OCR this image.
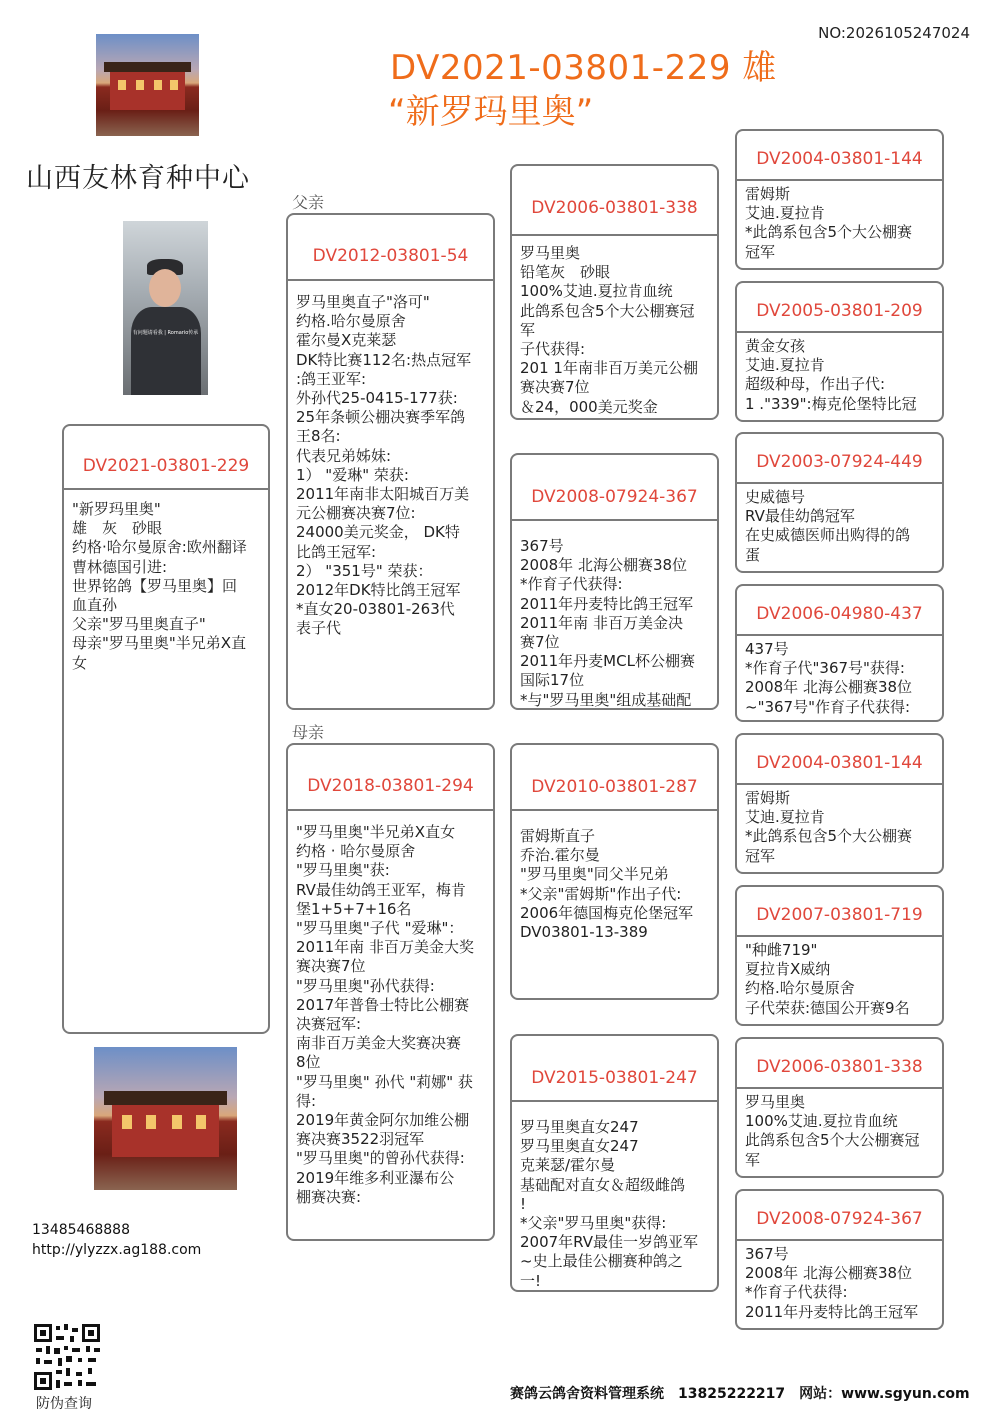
NO:2026105247024
DV2021-03801-229 雄
“新罗玛里奥”
山西友林育种中心
有问题请看我 | Romario传承
父亲
母亲
DV2021-03801-229
"新罗玛里奥"
雄　灰　砂眼
约格·哈尔曼原舍:欧州翻译
曹林德国引进:
世界铭鸽【罗马里奥】回
血直孙
父亲"罗马里奥直子"
母亲"罗马里奥"半兄弟X直
女
DV2012-03801-54
罗马里奥直子"洛可"
约格.哈尔曼原舍
霍尔曼X克莱瑟
DK特比赛112名:热点冠军
:鸽王亚军:
外孙代25-0415-177获:
25年条顿公棚决赛季军鸽
王8名:
代表兄弟姊妹:
1） "爱琳" 荣获:
2011年南非太阳城百万美
元公棚赛决赛7位:
24000美元奖金， DK特
比鸽王冠军:
2） "351号" 荣获：
2012年DK特比鸽王冠军
*直女20-03801-263代
表子代
DV2018-03801-294
"罗马里奥"半兄弟X直女
约格 · 哈尔曼原舍
"罗马里奥"获:
RV最佳幼鸽王亚军，梅肯
堡1+5+7+16名
"罗马里奥"子代 "爱琳"：
2011年南 非百万美金大奖
赛决赛7位
"罗马里奥"孙代获得:
2017年普鲁士特比公棚赛
决赛冠军:
南非百万美金大奖赛决赛
8位
"罗马里奥" 孙代 "莉娜" 获
得:
2019年黄金阿尔加维公棚
赛决赛3522羽冠军
"罗马里奥"的曾孙代获得:
2019年维多利亚瀑布公
棚赛决赛:
DV2006-03801-338
罗马里奥
铅笔灰　砂眼
100%艾迪.夏拉肯血统
此鸽系包含5个大公棚赛冠
军
子代获得:
201 1年南非百万美元公棚
赛决赛7位
＆24，000美元奖金
DV2008-07924-367
367号
2008年 北海公棚赛38位
*作育子代获得:
2011年丹麦特比鸽王冠军
2011年南 非百万美金决
赛7位
2011年丹麦MCL杯公棚赛
国际17位
*与"罗马里奥"组成基础配
DV2010-03801-287
雷姆斯直子
乔治.霍尔曼
"罗马里奥"同父半兄弟
*父亲"雷姆斯"作出子代:
2006年德国梅克伦堡冠军
DV03801-13-389
DV2015-03801-247
罗马里奥直女247
罗马里奥直女247
克莱瑟/霍尔曼
基础配对直女＆超级雌鸽
!
*父亲"罗马里奥"获得:
2007年RV最佳一岁鸽亚军
~史上最佳公棚赛种鸽之
一!
DV2004-03801-144
雷姆斯
艾迪.夏拉肯
*此鸽系包含5个大公棚赛
冠军
DV2005-03801-209
黄金女孩
艾迪.夏拉肯
超级种母，作出子代:
1 ."339":梅克伦堡特比冠
DV2003-07924-449
史威德号
RV最佳幼鸽冠军
在史威德医师出购得的鸽
蛋
DV2006-04980-437
437号
*作育子代"367号"获得:
2008年 北海公棚赛38位
~"367号"作育子代获得:
DV2004-03801-144
雷姆斯
艾迪.夏拉肯
*此鸽系包含5个大公棚赛
冠军
DV2007-03801-719
"种雌719"
夏拉肯X威纳
约格.哈尔曼原舍
子代荣获:德国公开赛9名
DV2006-03801-338
罗马里奥
100%艾迪.夏拉肯血统
此鸽系包含5个大公棚赛冠
军
DV2008-07924-367
367号
2008年 北海公棚赛38位
*作育子代获得:
2011年丹麦特比鸽王冠军
13485468888
http://ylyzzx.ag188.com
防伪查询
赛鸽云鸽舍资料管理系统　13825222217　网站：www.sgyun.com
